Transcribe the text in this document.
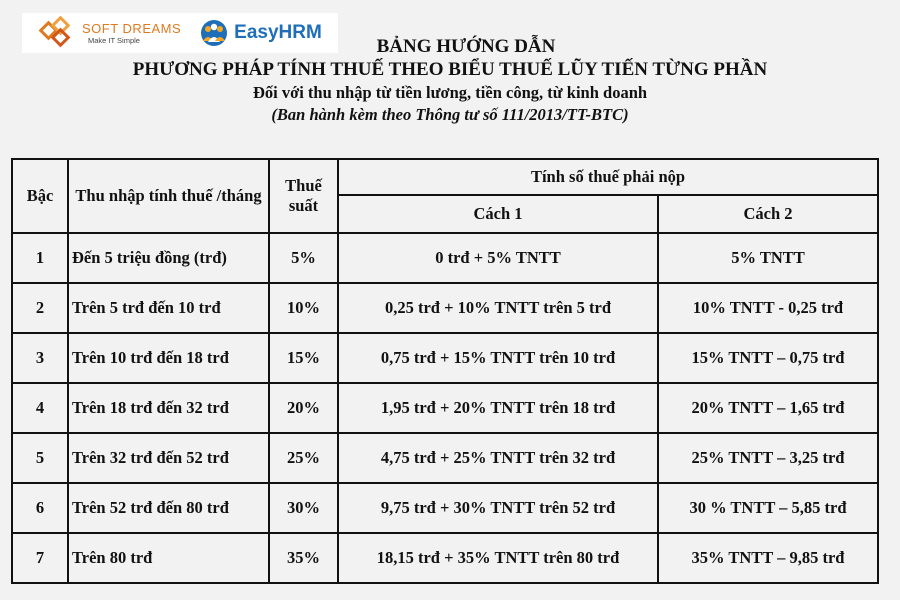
SOFT DREAMS
Make IT Simple	EasyHRM
BẢNG HƯỚNG DẪN
PHƯƠNG PHÁP TÍNH THUẾ THEO BIỂU THUẾ LŨY TIẾN TỪNG PHẦN
Đối với thu nhập từ tiền lương, tiền công, từ kinh doanh
(Ban hành kèm theo Thông tư số 111/2013/TT-BTC)
Bậc	Thu nhập tính thuế /tháng	Thuế suất	Tính số thuế phải nộp	
			Cách 1	Cách 2
1	Đến 5 triệu đồng (trđ)	5%	0 trđ + 5% TNTT	5% TNTT
2	Trên 5 trđ đến 10 trđ	10%	0,25 trđ + 10% TNTT trên 5 trđ	10% TNTT - 0,25 trđ
3	Trên 10 trđ đến 18 trđ	15%	0,75 trđ + 15% TNTT trên 10 trđ	15% TNTT – 0,75 trđ
4	Trên 18 trđ đến 32 trđ	20%	1,95 trđ + 20% TNTT trên 18 trđ	20% TNTT – 1,65 trđ
5	Trên 32 trđ đến 52 trđ	25%	4,75 trđ + 25% TNTT trên 32 trđ	25% TNTT – 3,25 trđ
6	Trên 52 trđ đến 80 trđ	30%	9,75 trđ + 30% TNTT trên 52 trđ	30 % TNTT – 5,85 trđ
7	Trên 80 trđ	35%	18,15 trđ + 35% TNTT trên 80 trđ	35% TNTT – 9,85 trđ
